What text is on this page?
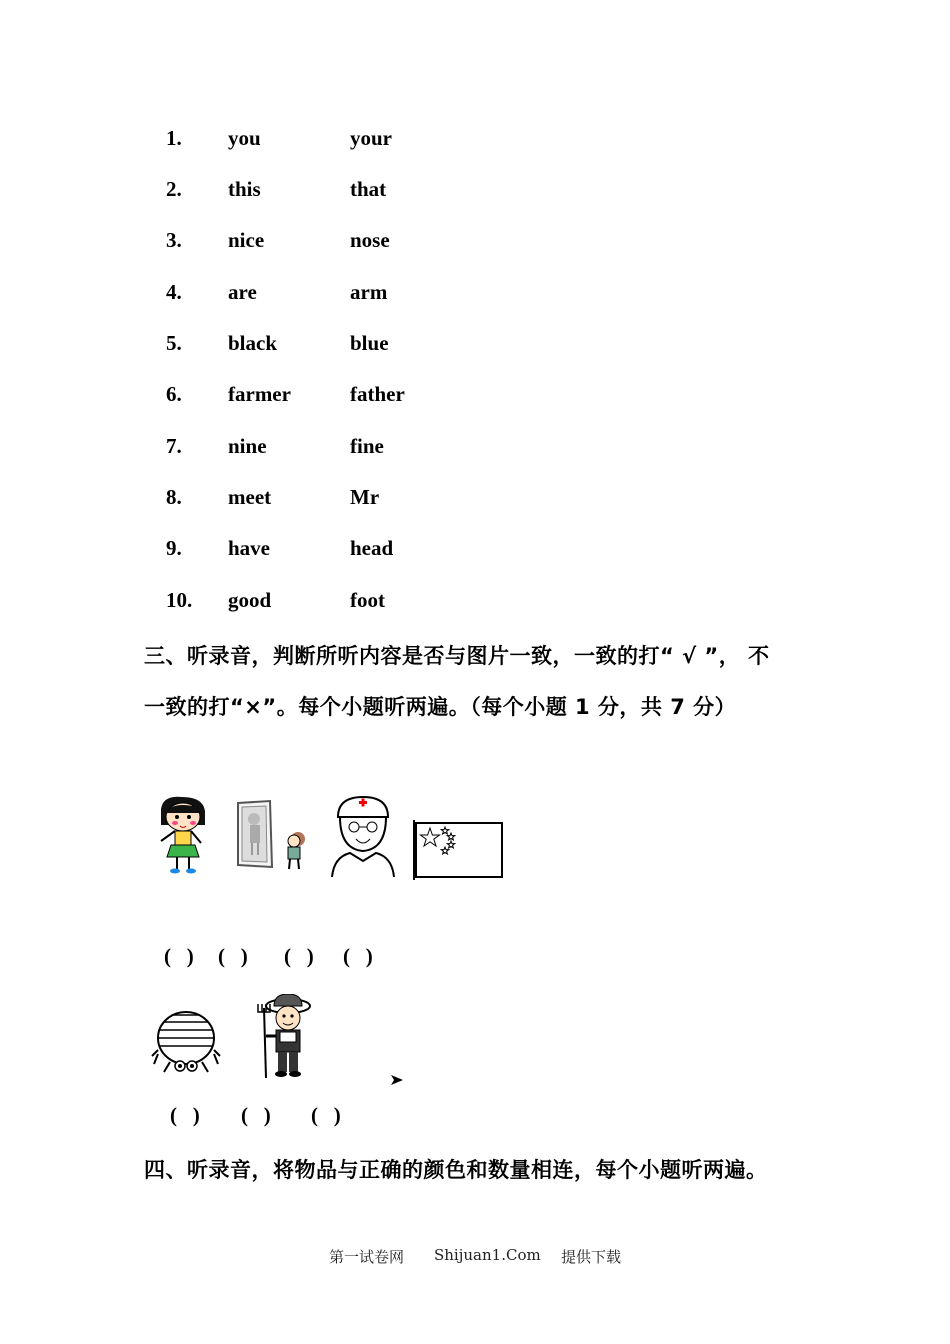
1. you	your
2. this	that
3. nice	nose
4. are	arm
5. black	blue
6. farmer	father
7. nine	fine
8. meet	Mr
9. have	head
10. good	foot
三、听录音，判断所听内容是否与图片一致，一致的打“ √ ”， 不
一致的打“×”。每个小题听两遍。（每个小题 1 分，共 7 分）
(   ) (   ) (   ) (   )
(   ) (   ) (   )
四、听录音，将物品与正确的颜色和数量相连，每个小题听两遍。
第一试卷网 Shijuan1.Com 提供下载
